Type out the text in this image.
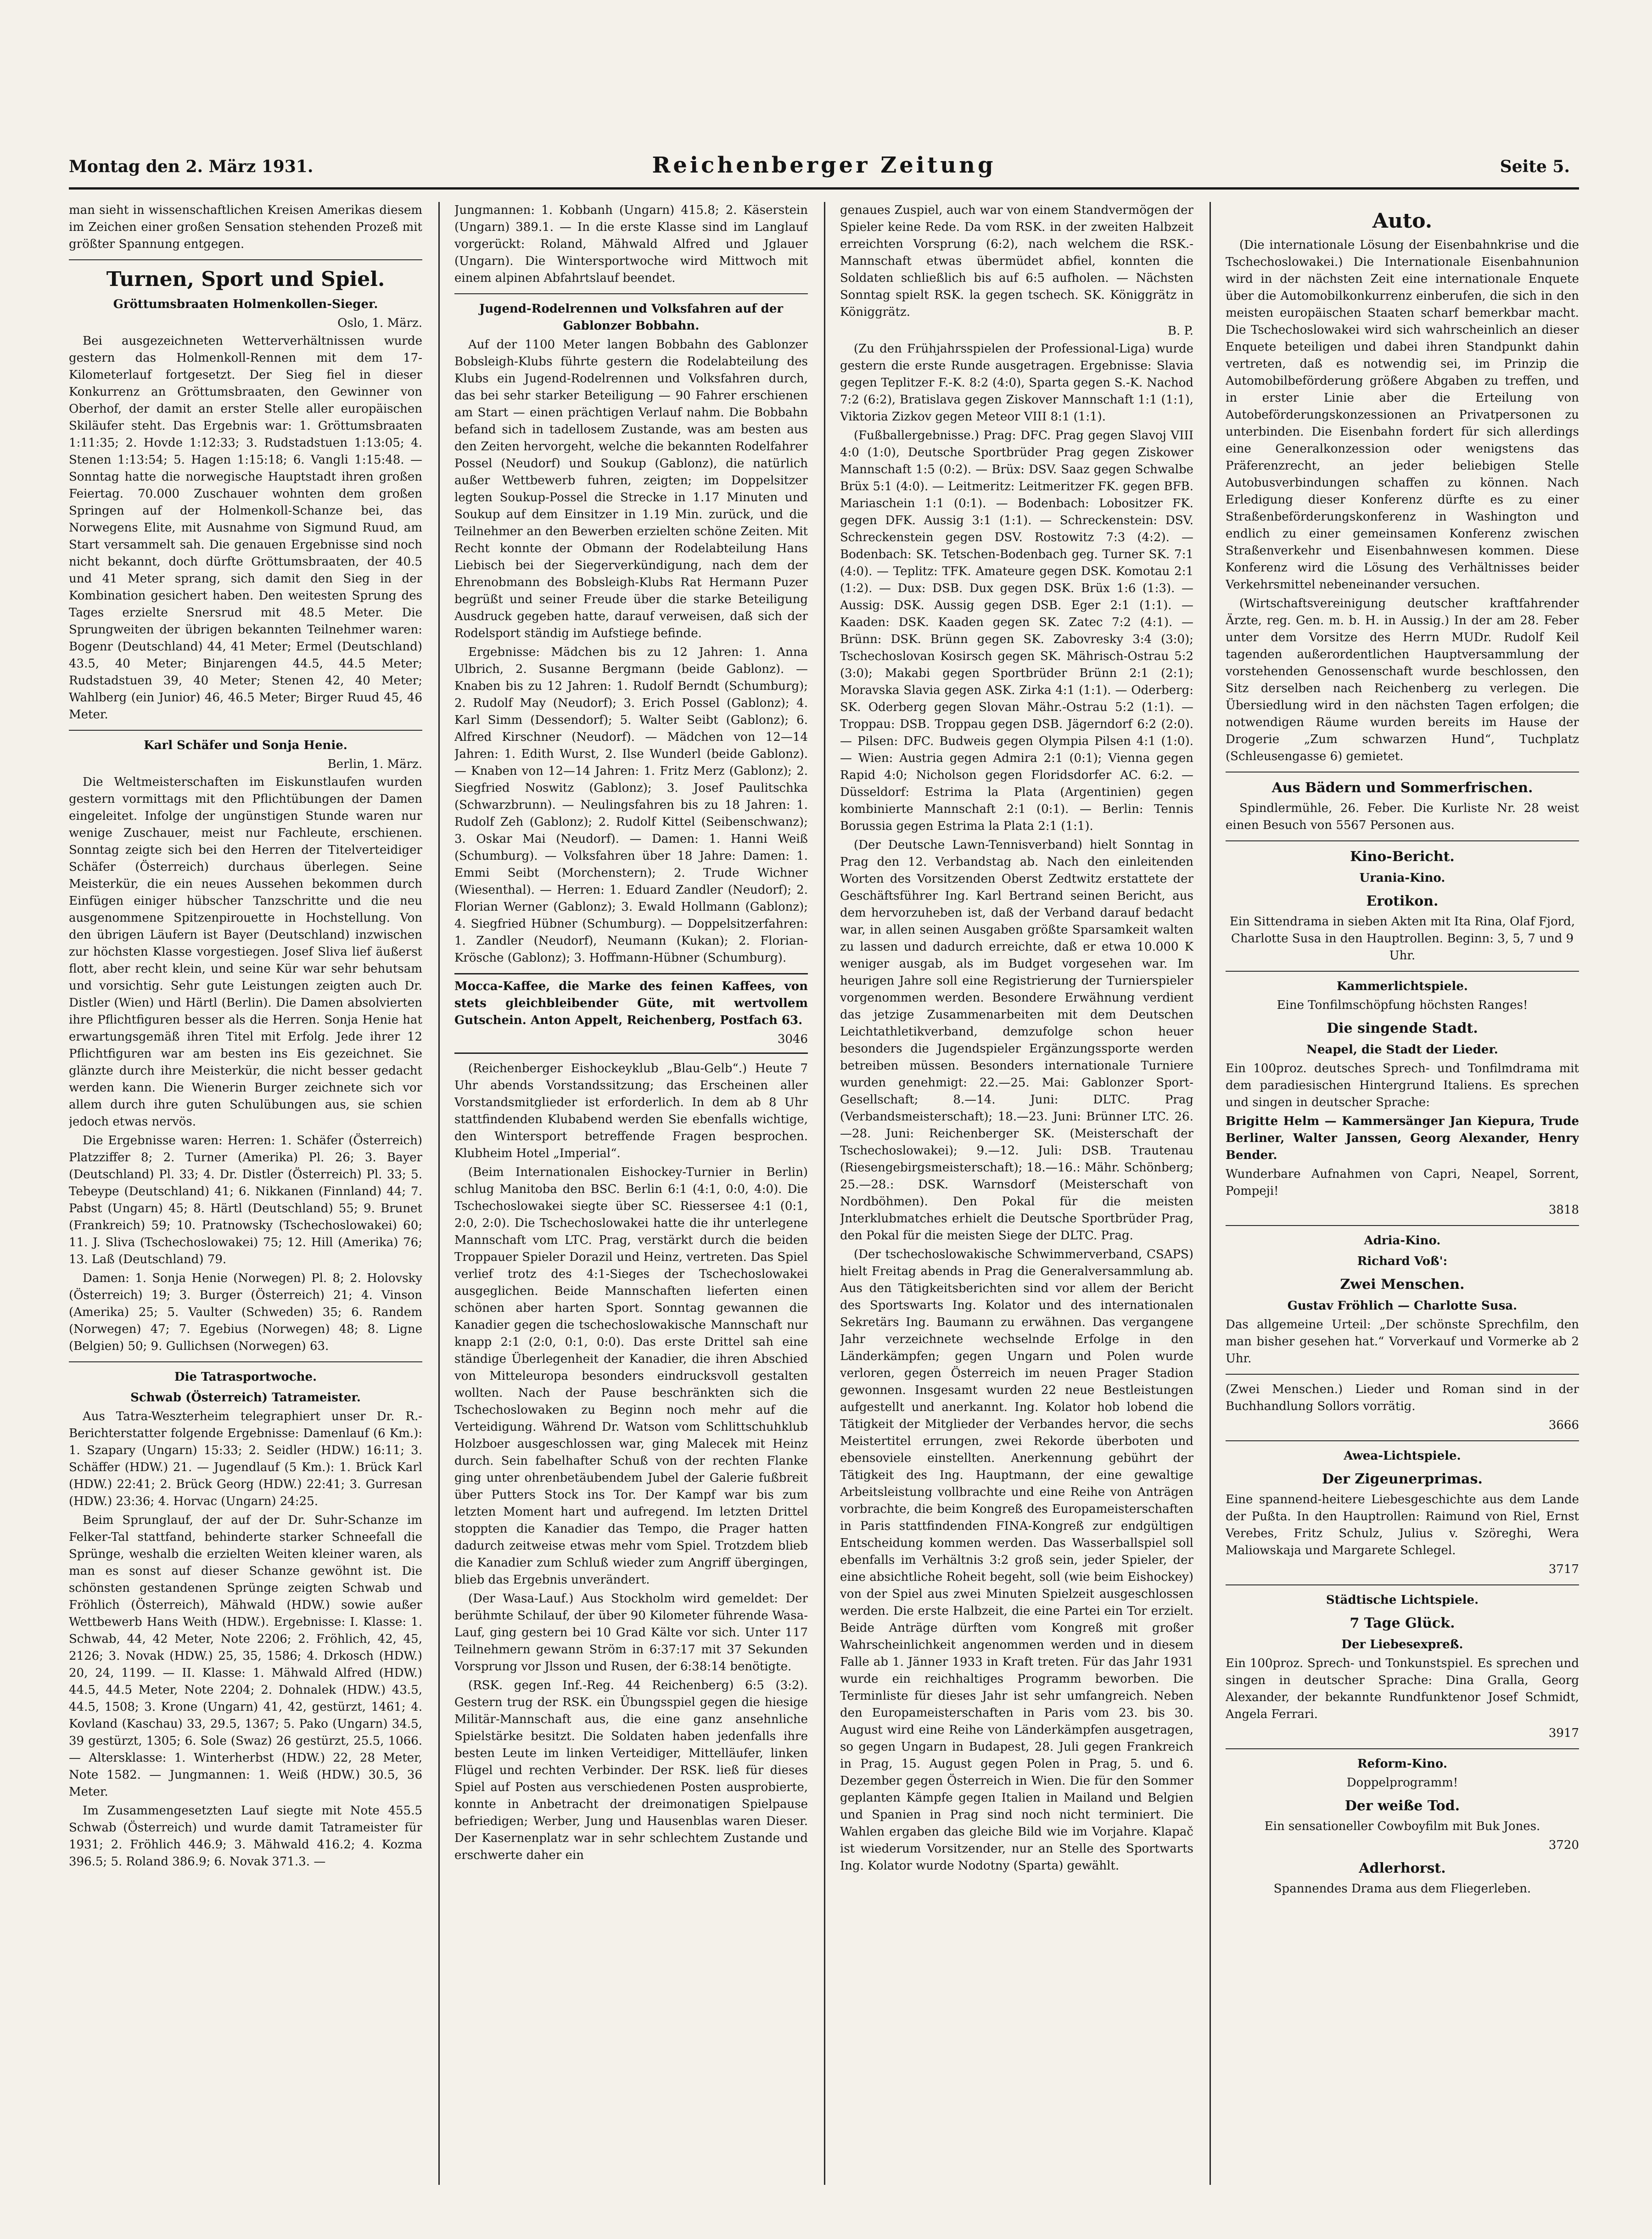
Montag den 2. März 1931.	Reichenberger Zeitung	Seite 5.

man sieht in wissenschaftlichen Kreisen Amerikas diesem im Zeichen einer großen Sensation stehenden Prozeß mit größter Spannung entgegen.

Turnen, Sport und Spiel.
Gröttumsbraaten Holmenkollen-Sieger.
Oslo, 1. März.

Bei ausgezeichneten Wetterverhältnissen wurde gestern das Holmenkoll-Rennen mit dem 17-Kilometerlauf fortgesetzt. Der Sieg fiel in dieser Konkurrenz an Gröttumsbraaten, den Gewinner von Oberhof, der damit an erster Stelle aller europäischen Skiläufer steht. Das Ergebnis war: 1. Gröttumsbraaten 1:11:35; 2. Hovde 1:12:33; 3. Rudstadstuen 1:13:05; 4. Stenen 1:13:54; 5. Hagen 1:15:18; 6. Vangli 1:15:48. — Sonntag hatte die norwegische Hauptstadt ihren großen Feiertag. 70.000 Zuschauer wohnten dem großen Springen auf der Holmenkoll-Schanze bei, das Norwegens Elite, mit Ausnahme von Sigmund Ruud, am Start versammelt sah. Die genauen Ergebnisse sind noch nicht bekannt, doch dürfte Gröttumsbraaten, der 40.5 und 41 Meter sprang, sich damit den Sieg in der Kombination gesichert haben. Den weitesten Sprung des Tages erzielte Snersrud mit 48.5 Meter. Die Sprungweiten der übrigen bekannten Teilnehmer waren: Bogenr (Deutschland) 44, 41 Meter; Ermel (Deutschland) 43.5, 40 Meter; Binjarengen 44.5, 44.5 Meter; Rudstadstuen 39, 40 Meter; Stenen 42, 40 Meter; Wahlberg (ein Junior) 46, 46.5 Meter; Birger Ruud 45, 46 Meter.

Karl Schäfer und Sonja Henie.
Berlin, 1. März.

Die Weltmeisterschaften im Eiskunstlaufen wurden gestern vormittags mit den Pflichtübungen der Damen eingeleitet. Infolge der ungünstigen Stunde waren nur wenige Zuschauer, meist nur Fachleute, erschienen. Sonntag zeigte sich bei den Herren der Titelverteidiger Schäfer (Österreich) durchaus überlegen. Seine Meisterkür, die ein neues Aussehen bekommen durch Einfügen einiger hübscher Tanzschritte und die neu ausgenommene Spitzenpirouette in Hochstellung. Von den übrigen Läufern ist Bayer (Deutschland) inzwischen zur höchsten Klasse vorgestiegen. Josef Sliva lief äußerst flott, aber recht klein, und seine Kür war sehr behutsam und vorsichtig. Sehr gute Leistungen zeigten auch Dr. Distler (Wien) und Härtl (Berlin). Die Damen absolvierten ihre Pflichtfiguren besser als die Herren. Sonja Henie hat erwartungsgemäß ihren Titel mit Erfolg. Jede ihrer 12 Pflichtfiguren war am besten ins Eis gezeichnet. Sie glänzte durch ihre Meisterkür, die nicht besser gedacht werden kann. Die Wienerin Burger zeichnete sich vor allem durch ihre guten Schulübungen aus, sie schien jedoch etwas nervös.

Die Ergebnisse waren: Herren: 1. Schäfer (Österreich) Platzziffer 8; 2. Turner (Amerika) Pl. 26; 3. Bayer (Deutschland) Pl. 33; 4. Dr. Distler (Österreich) Pl. 33; 5. Tebeype (Deutschland) 41; 6. Nikkanen (Finnland) 44; 7. Pabst (Ungarn) 45; 8. Härtl (Deutschland) 55; 9. Brunet (Frankreich) 59; 10. Pratnowsky (Tschechoslowakei) 60; 11. J. Sliva (Tschechoslowakei) 75; 12. Hill (Amerika) 76; 13. Laß (Deutschland) 79.

Damen: 1. Sonja Henie (Norwegen) Pl. 8; 2. Holovsky (Österreich) 19; 3. Burger (Österreich) 21; 4. Vinson (Amerika) 25; 5. Vaulter (Schweden) 35; 6. Randem (Norwegen) 47; 7. Egebius (Norwegen) 48; 8. Ligne (Belgien) 50; 9. Gullichsen (Norwegen) 63.

Die Tatrasportwoche.
Schwab (Österreich) Tatrameister.

Aus Tatra-Weszterheim telegraphiert unser Dr. R.-Berichterstatter folgende Ergebnisse: Damenlauf (6 Km.): 1. Szapary (Ungarn) 15:33; 2. Seidler (HDW.) 16:11; 3. Schäffer (HDW.) 21. — Jugendlauf (5 Km.): 1. Brück Karl (HDW.) 22:41; 2. Brück Georg (HDW.) 22:41; 3. Gurresan (HDW.) 23:36; 4. Horvac (Ungarn) 24:25.

Beim Sprunglauf, der auf der Dr. Suhr-Schanze im Felker-Tal stattfand, behinderte starker Schneefall die Sprünge, weshalb die erzielten Weiten kleiner waren, als man es sonst auf dieser Schanze gewöhnt ist. Die schönsten gestandenen Sprünge zeigten Schwab und Fröhlich (Österreich), Mähwald (HDW.) sowie außer Wettbewerb Hans Weith (HDW.). Ergebnisse: I. Klasse: 1. Schwab, 44, 42 Meter, Note 2206; 2. Fröhlich, 42, 45, 2126; 3. Novak (HDW.) 25, 35, 1586; 4. Drkosch (HDW.) 20, 24, 1199. — II. Klasse: 1. Mähwald Alfred (HDW.) 44.5, 44.5 Meter, Note 2204; 2. Dohnalek (HDW.) 43.5, 44.5, 1508; 3. Krone (Ungarn) 41, 42, gestürzt, 1461; 4. Kovland (Kaschau) 33, 29.5, 1367; 5. Pako (Ungarn) 34.5, 39 gestürzt, 1305; 6. Sole (Swaz) 26 gestürzt, 25.5, 1066. — Altersklasse: 1. Winterherbst (HDW.) 22, 28 Meter, Note 1582. — Jungmannen: 1. Weiß (HDW.) 30.5, 36 Meter.

Im Zusammengesetzten Lauf siegte mit Note 455.5 Schwab (Österreich) und wurde damit Tatrameister für 1931; 2. Fröhlich 446.9; 3. Mähwald 416.2; 4. Kozma 396.5; 5. Roland 386.9; 6. Novak 371.3. —

Jungmannen: 1. Kobbanh (Ungarn) 415.8; 2. Käserstein (Ungarn) 389.1. — In die erste Klasse sind im Langlauf vorgerückt: Roland, Mähwald Alfred und Jglauer (Ungarn). Die Wintersportwoche wird Mittwoch mit einem alpinen Abfahrtslauf beendet.

Jugend-Rodelrennen und Volksfahren auf der Gablonzer Bobbahn.

Auf der 1100 Meter langen Bobbahn des Gablonzer Bobsleigh-Klubs führte gestern die Rodelabteilung des Klubs ein Jugend-Rodelrennen und Volksfahren durch, das bei sehr starker Beteiligung — 90 Fahrer erschienen am Start — einen prächtigen Verlauf nahm. Die Bobbahn befand sich in tadellosem Zustande, was am besten aus den Zeiten hervorgeht, welche die bekannten Rodelfahrer Possel (Neudorf) und Soukup (Gablonz), die natürlich außer Wettbewerb fuhren, zeigten; im Doppelsitzer legten Soukup-Possel die Strecke in 1.17 Minuten und Soukup auf dem Einsitzer in 1.19 Min. zurück, und die Teilnehmer an den Bewerben erzielten schöne Zeiten. Mit Recht konnte der Obmann der Rodelabteilung Hans Liebisch bei der Siegerverkündigung, nach dem der Ehrenobmann des Bobsleigh-Klubs Rat Hermann Puzer begrüßt und seiner Freude über die starke Beteiligung Ausdruck gegeben hatte, darauf verweisen, daß sich der Rodelsport ständig im Aufstiege befinde.

Ergebnisse: Mädchen bis zu 12 Jahren: 1. Anna Ulbrich, 2. Susanne Bergmann (beide Gablonz). — Knaben bis zu 12 Jahren: 1. Rudolf Berndt (Schumburg); 2. Rudolf May (Neudorf); 3. Erich Possel (Gablonz); 4. Karl Simm (Dessendorf); 5. Walter Seibt (Gablonz); 6. Alfred Kirschner (Neudorf). — Mädchen von 12—14 Jahren: 1. Edith Wurst, 2. Ilse Wunderl (beide Gablonz). — Knaben von 12—14 Jahren: 1. Fritz Merz (Gablonz); 2. Siegfried Noswitz (Gablonz); 3. Josef Paulitschka (Schwarzbrunn). — Neulingsfahren bis zu 18 Jahren: 1. Rudolf Zeh (Gablonz); 2. Rudolf Kittel (Seibenschwanz); 3. Oskar Mai (Neudorf). — Damen: 1. Hanni Weiß (Schumburg). — Volksfahren über 18 Jahre: Damen: 1. Emmi Seibt (Morchenstern); 2. Trude Wichner (Wiesenthal). — Herren: 1. Eduard Zandler (Neudorf); 2. Florian Werner (Gablonz); 3. Ewald Hollmann (Gablonz); 4. Siegfried Hübner (Schumburg). — Doppelsitzerfahren: 1. Zandler (Neudorf), Neumann (Kukan); 2. Florian-Krösche (Gablonz); 3. Hoffmann-Hübner (Schumburg).

Mocca-Kaffee, die Marke des feinen Kaffees, von stets gleichbleibender Güte, mit wertvollem Gutschein. Anton Appelt, Reichenberg, Postfach 63.

3046

(Reichenberger Eishockeyklub „Blau-Gelb“.) Heute 7 Uhr abends Vorstandssitzung; das Erscheinen aller Vorstandsmitglieder ist erforderlich. In dem ab 8 Uhr stattfindenden Klubabend werden Sie ebenfalls wichtige, den Wintersport betreffende Fragen besprochen. Klubheim Hotel „Imperial“.

(Beim Internationalen Eishockey-Turnier in Berlin) schlug Manitoba den BSC. Berlin 6:1 (4:1, 0:0, 4:0). Die Tschechoslowakei siegte über SC. Riessersee 4:1 (0:1, 2:0, 2:0). Die Tschechoslowakei hatte die ihr unterlegene Mannschaft vom LTC. Prag, verstärkt durch die beiden Troppauer Spieler Dorazil und Heinz, vertreten. Das Spiel verlief trotz des 4:1-Sieges der Tschechoslowakei ausgeglichen. Beide Mannschaften lieferten einen schönen aber harten Sport. Sonntag gewannen die Kanadier gegen die tschechoslowakische Mannschaft nur knapp 2:1 (2:0, 0:1, 0:0). Das erste Drittel sah eine ständige Überlegenheit der Kanadier, die ihren Abschied von Mitteleuropa besonders eindrucksvoll gestalten wollten. Nach der Pause beschränkten sich die Tschechoslowaken zu Beginn noch mehr auf die Verteidigung. Während Dr. Watson vom Schlittschuhklub Holzboer ausgeschlossen war, ging Malecek mit Heinz durch. Sein fabelhafter Schuß von der rechten Flanke ging unter ohrenbetäubendem Jubel der Galerie fußbreit über Putters Stock ins Tor. Der Kampf war bis zum letzten Moment hart und aufregend. Im letzten Drittel stoppten die Kanadier das Tempo, die Prager hatten dadurch zeitweise etwas mehr vom Spiel. Trotzdem blieb die Kanadier zum Schluß wieder zum Angriff übergingen, blieb das Ergebnis unverändert.

(Der Wasa-Lauf.) Aus Stockholm wird gemeldet: Der berühmte Schilauf, der über 90 Kilometer führende Wasa-Lauf, ging gestern bei 10 Grad Kälte vor sich. Unter 117 Teilnehmern gewann Ström in 6:37:17 mit 37 Sekunden Vorsprung vor Jlsson und Rusen, der 6:38:14 benötigte.

(RSK. gegen Inf.-Reg. 44 Reichenberg) 6:5 (3:2). Gestern trug der RSK. ein Übungsspiel gegen die hiesige Militär-Mannschaft aus, die eine ganz ansehnliche Spielstärke besitzt. Die Soldaten haben jedenfalls ihre besten Leute im linken Verteidiger, Mittelläufer, linken Flügel und rechten Verbinder. Der RSK. ließ für dieses Spiel auf Posten aus verschiedenen Posten ausprobierte, konnte in Anbetracht der dreimonatigen Spielpause befriedigen; Werber, Jung und Hausenblas waren Dieser. Der Kasernenplatz war in sehr schlechtem Zustande und erschwerte daher ein

genaues Zuspiel, auch war von einem Standvermögen der Spieler keine Rede. Da vom RSK. in der zweiten Halbzeit erreichten Vorsprung (6:2), nach welchem die RSK.-Mannschaft etwas übermüdet abfiel, konnten die Soldaten schließlich bis auf 6:5 aufholen. — Nächsten Sonntag spielt RSK. la gegen tschech. SK. Königgrätz in Königgrätz.

B. P.

(Zu den Frühjahrsspielen der Professional-Liga) wurde gestern die erste Runde ausgetragen. Ergebnisse: Slavia gegen Teplitzer F.-K. 8:2 (4:0), Sparta gegen S.-K. Nachod 7:2 (6:2), Bratislava gegen Ziskover Mannschaft 1:1 (1:1), Viktoria Zizkov gegen Meteor VIII 8:1 (1:1).

(Fußballergebnisse.) Prag: DFC. Prag gegen Slavoj VIII 4:0 (1:0), Deutsche Sportbrüder Prag gegen Ziskower Mannschaft 1:5 (0:2). — Brüx: DSV. Saaz gegen Schwalbe Brüx 5:1 (4:0). — Leitmeritz: Leitmeritzer FK. gegen BFB. Mariaschein 1:1 (0:1). — Bodenbach: Lobositzer FK. gegen DFK. Aussig 3:1 (1:1). — Schreckenstein: DSV. Schreckenstein gegen DSV. Rostowitz 7:3 (4:2). — Bodenbach: SK. Tetschen-Bodenbach geg. Turner SK. 7:1 (4:0). — Teplitz: TFK. Amateure gegen DSK. Komotau 2:1 (1:2). — Dux: DSB. Dux gegen DSK. Brüx 1:6 (1:3). — Aussig: DSK. Aussig gegen DSB. Eger 2:1 (1:1). — Kaaden: DSK. Kaaden gegen SK. Zatec 7:2 (4:1). — Brünn: DSK. Brünn gegen SK. Zabovresky 3:4 (3:0); Tschechoslovan Kosirsch gegen SK. Mährisch-Ostrau 5:2 (3:0); Makabi gegen Sportbrüder Brünn 2:1 (2:1); Moravska Slavia gegen ASK. Zirka 4:1 (1:1). — Oderberg: SK. Oderberg gegen Slovan Mähr.-Ostrau 5:2 (1:1). — Troppau: DSB. Troppau gegen DSB. Jägerndorf 6:2 (2:0). — Pilsen: DFC. Budweis gegen Olympia Pilsen 4:1 (1:0). — Wien: Austria gegen Admira 2:1 (0:1); Vienna gegen Rapid 4:0; Nicholson gegen Floridsdorfer AC. 6:2. — Düsseldorf: Estrima la Plata (Argentinien) gegen kombinierte Mannschaft 2:1 (0:1). — Berlin: Tennis Borussia gegen Estrima la Plata 2:1 (1:1).

(Der Deutsche Lawn-Tennisverband) hielt Sonntag in Prag den 12. Verbandstag ab. Nach den einleitenden Worten des Vorsitzenden Oberst Zedtwitz erstattete der Geschäftsführer Ing. Karl Bertrand seinen Bericht, aus dem hervorzuheben ist, daß der Verband darauf bedacht war, in allen seinen Ausgaben größte Sparsamkeit walten zu lassen und dadurch erreichte, daß er etwa 10.000 K weniger ausgab, als im Budget vorgesehen war. Im heurigen Jahre soll eine Registrierung der Turnierspieler vorgenommen werden. Besondere Erwähnung verdient das jetzige Zusammenarbeiten mit dem Deutschen Leichtathletikverband, demzufolge schon heuer besonders die Jugendspieler Ergänzungssporte werden betreiben müssen. Besonders internationale Turniere wurden genehmigt: 22.—25. Mai: Gablonzer Sport-Gesellschaft; 8.—14. Juni: DLTC. Prag (Verbandsmeisterschaft); 18.—23. Juni: Brünner LTC. 26.—28. Juni: Reichenberger SK. (Meisterschaft der Tschechoslowakei); 9.—12. Juli: DSB. Trautenau (Riesengebirgsmeisterschaft); 18.—16.: Mähr. Schönberg; 25.—28.: DSK. Warnsdorf (Meisterschaft von Nordböhmen). Den Pokal für die meisten Jnterklubmatches erhielt die Deutsche Sportbrüder Prag, den Pokal für die meisten Siege der DLTC. Prag.

(Der tschechoslowakische Schwimmerverband, CSAPS) hielt Freitag abends in Prag die Generalversammlung ab. Aus den Tätigkeitsberichten sind vor allem der Bericht des Sportswarts Ing. Kolator und des internationalen Sekretärs Ing. Baumann zu erwähnen. Das vergangene Jahr verzeichnete wechselnde Erfolge in den Länderkämpfen; gegen Ungarn und Polen wurde verloren, gegen Österreich im neuen Prager Stadion gewonnen. Insgesamt wurden 22 neue Bestleistungen aufgestellt und anerkannt. Ing. Kolator hob lobend die Tätigkeit der Mitglieder der Verbandes hervor, die sechs Meistertitel errungen, zwei Rekorde überboten und ebensoviele einstellten. Anerkennung gebührt der Tätigkeit des Ing. Hauptmann, der eine gewaltige Arbeitsleistung vollbrachte und eine Reihe von Anträgen vorbrachte, die beim Kongreß des Europameisterschaften in Paris stattfindenden FINA-Kongreß zur endgültigen Entscheidung kommen werden. Das Wasserballspiel soll ebenfalls im Verhältnis 3:2 groß sein, jeder Spieler, der eine absichtliche Roheit begeht, soll (wie beim Eishockey) von der Spiel aus zwei Minuten Spielzeit ausgeschlossen werden. Die erste Halbzeit, die eine Partei ein Tor erzielt. Beide Anträge dürften vom Kongreß mit großer Wahrscheinlichkeit angenommen werden und in diesem Falle ab 1. Jänner 1933 in Kraft treten. Für das Jahr 1931 wurde ein reichhaltiges Programm beworben. Die Terminliste für dieses Jahr ist sehr umfangreich. Neben den Europameisterschaften in Paris vom 23. bis 30. August wird eine Reihe von Länderkämpfen ausgetragen, so gegen Ungarn in Budapest, 28. Juli gegen Frankreich in Prag, 15. August gegen Polen in Prag, 5. und 6. Dezember gegen Österreich in Wien. Die für den Sommer geplanten Kämpfe gegen Italien in Mailand und Belgien und Spanien in Prag sind noch nicht terminiert. Die Wahlen ergaben das gleiche Bild wie im Vorjahre. Klapač ist wiederum Vorsitzender, nur an Stelle des Sportwarts Ing. Kolator wurde Nodotny (Sparta) gewählt.

Auto.

(Die internationale Lösung der Eisenbahnkrise und die Tschechoslowakei.) Die Internationale Eisenbahnunion wird in der nächsten Zeit eine internationale Enquete über die Automobilkonkurrenz einberufen, die sich in den meisten europäischen Staaten scharf bemerkbar macht. Die Tschechoslowakei wird sich wahrscheinlich an dieser Enquete beteiligen und dabei ihren Standpunkt dahin vertreten, daß es notwendig sei, im Prinzip die Automobilbeförderung größere Abgaben zu treffen, und in erster Linie aber die Erteilung von Autobeförderungskonzessionen an Privatpersonen zu unterbinden. Die Eisenbahn fordert für sich allerdings eine Generalkonzession oder wenigstens das Präferenzrecht, an jeder beliebigen Stelle Autobusverbindungen schaffen zu können. Nach Erledigung dieser Konferenz dürfte es zu einer Straßenbeförderungskonferenz in Washington und endlich zu einer gemeinsamen Konferenz zwischen Straßenverkehr und Eisenbahnwesen kommen. Diese Konferenz wird die Lösung des Verhältnisses beider Verkehrsmittel nebeneinander versuchen.

(Wirtschaftsvereinigung deutscher kraftfahrender Ärzte, reg. Gen. m. b. H. in Aussig.) In der am 28. Feber unter dem Vorsitze des Herrn MUDr. Rudolf Keil tagenden außerordentlichen Hauptversammlung der vorstehenden Genossenschaft wurde beschlossen, den Sitz derselben nach Reichenberg zu verlegen. Die Übersiedlung wird in den nächsten Tagen erfolgen; die notwendigen Räume wurden bereits im Hause der Drogerie „Zum schwarzen Hund“, Tuchplatz (Schleusengasse 6) gemietet.

Aus Bädern und Sommerfrischen.

Spindlermühle, 26. Feber. Die Kurliste Nr. 28 weist einen Besuch von 5567 Personen aus.

Kino-Bericht.
Urania-Kino.
Erotikon.

Ein Sittendrama in sieben Akten mit Ita Rina, Olaf Fjord, Charlotte Susa in den Hauptrollen. Beginn: 3, 5, 7 und 9 Uhr.

Kammerlichtspiele.

Eine Tonfilmschöpfung höchsten Ranges!

Die singende Stadt.
Neapel, die Stadt der Lieder.

Ein 100proz. deutsches Sprech- und Tonfilmdrama mit dem paradiesischen Hintergrund Italiens. Es sprechen und singen in deutscher Sprache:

Brigitte Helm — Kammersänger Jan Kiepura, Trude Berliner, Walter Janssen, Georg Alexander, Henry Bender.

Wunderbare Aufnahmen von Capri, Neapel, Sorrent, Pompeji!

3818
Adria-Kino.
Richard Voß':
Zwei Menschen.
Gustav Fröhlich — Charlotte Susa.

Das allgemeine Urteil: „Der schönste Sprechfilm, den man bisher gesehen hat.“ Vorverkauf und Vormerke ab 2 Uhr.

(Zwei Menschen.) Lieder und Roman sind in der Buchhandlung Sollors vorrätig.

3666
Awea-Lichtspiele.
Der Zigeunerprimas.

Eine spannend-heitere Liebesgeschichte aus dem Lande der Pußta. In den Hauptrollen: Raimund von Riel, Ernst Verebes, Fritz Schulz, Julius v. Szöreghi, Wera Maliowskaja und Margarete Schlegel.

3717
Städtische Lichtspiele.
7 Tage Glück.
Der Liebesexpreß.

Ein 100proz. Sprech- und Tonkunstspiel. Es sprechen und singen in deutscher Sprache: Dina Gralla, Georg Alexander, der bekannte Rundfunktenor Josef Schmidt, Angela Ferrari.

3917
Reform-Kino.

Doppelprogramm!

Der weiße Tod.

Ein sensationeller Cowboyfilm mit Buk Jones.

3720
Adlerhorst.

Spannendes Drama aus dem Fliegerleben.
